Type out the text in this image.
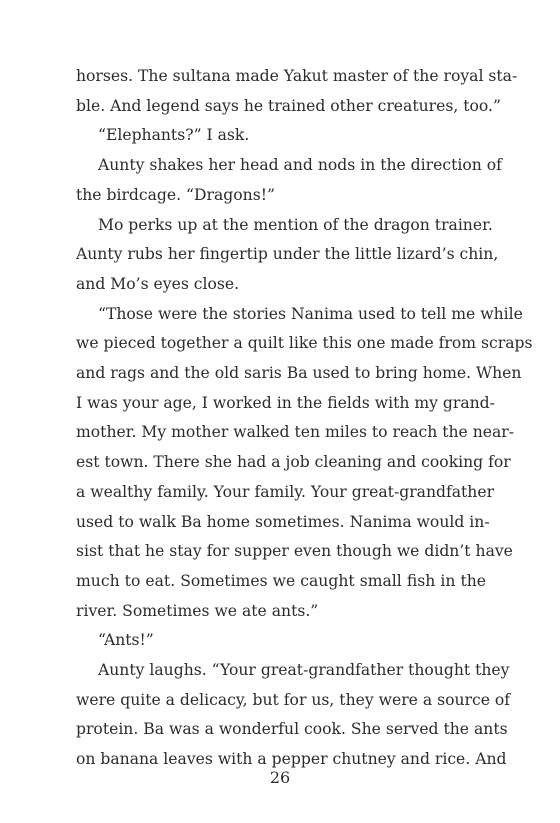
horses. The sultana made Yakut master of the royal sta-
ble. And legend says he trained other creatures, too.”

“Elephants?” I ask.

Aunty shakes her head and nods in the direction of
the birdcage. “Dragons!”

Mo perks up at the mention of the dragon trainer.
Aunty rubs her fingertip under the little lizard’s chin,
and Mo’s eyes close.

“Those were the stories Nanima used to tell me while
we pieced together a quilt like this one made from scraps
and rags and the old saris Ba used to bring home. When
I was your age, I worked in the fields with my grand-
mother. My mother walked ten miles to reach the near-
est town. There she had a job cleaning and cooking for
a wealthy family. Your family. Your great-grandfather
used to walk Ba home sometimes. Nanima would in-
sist that he stay for supper even though we didn’t have
much to eat. Sometimes we caught small fish in the
river. Sometimes we ate ants.”

“Ants!”

Aunty laughs. “Your great-grandfather thought they
were quite a delicacy, but for us, they were a source of
protein. Ba was a wonderful cook. She served the ants
on banana leaves with a pepper chutney and rice. And

26
